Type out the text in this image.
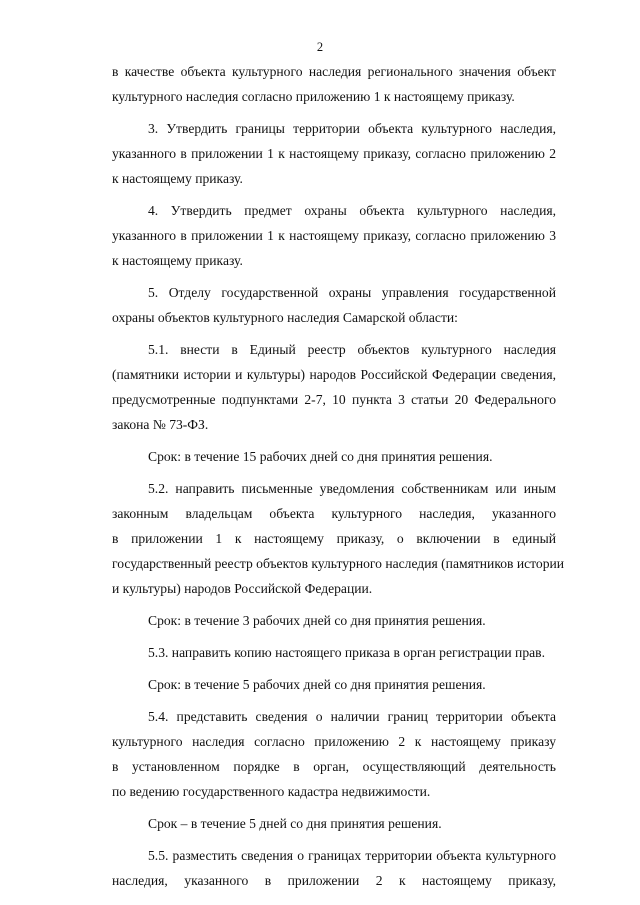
2
в качестве объекта культурного наследия регионального значения объект
культурного наследия согласно приложению 1 к настоящему приказу.
3. Утвердить границы территории объекта культурного наследия,
указанного в приложении 1 к настоящему приказу, согласно приложению 2
к настоящему приказу.
4. Утвердить предмет охраны объекта культурного наследия,
указанного в приложении 1 к настоящему приказу, согласно приложению 3
к настоящему приказу.
5. Отделу государственной охраны управления государственной
охраны объектов культурного наследия Самарской области:
5.1. внести в Единый реестр объектов культурного наследия
(памятники истории и культуры) народов Российской Федерации сведения,
предусмотренные подпунктами 2-7, 10 пункта 3 статьи 20 Федерального
закона № 73-ФЗ.
Срок: в течение 15 рабочих дней со дня принятия решения.
5.2. направить письменные уведомления собственникам или иным
законным владельцам объекта культурного наследия, указанного
в приложении 1 к настоящему приказу, о включении в единый
государственный реестр объектов культурного наследия (памятников истории
и культуры) народов Российской Федерации.
Срок: в течение 3 рабочих дней со дня принятия решения.
5.3. направить копию настоящего приказа в орган регистрации прав.
Срок: в течение 5 рабочих дней со дня принятия решения.
5.4. представить сведения о наличии границ территории объекта
культурного наследия согласно приложению 2 к настоящему приказу
в установленном порядке в орган, осуществляющий деятельность
по ведению государственного кадастра недвижимости.
Срок – в течение 5 дней со дня принятия решения.
5.5. разместить сведения о границах территории объекта культурного
наследия, указанного в приложении 2 к настоящему приказу,
